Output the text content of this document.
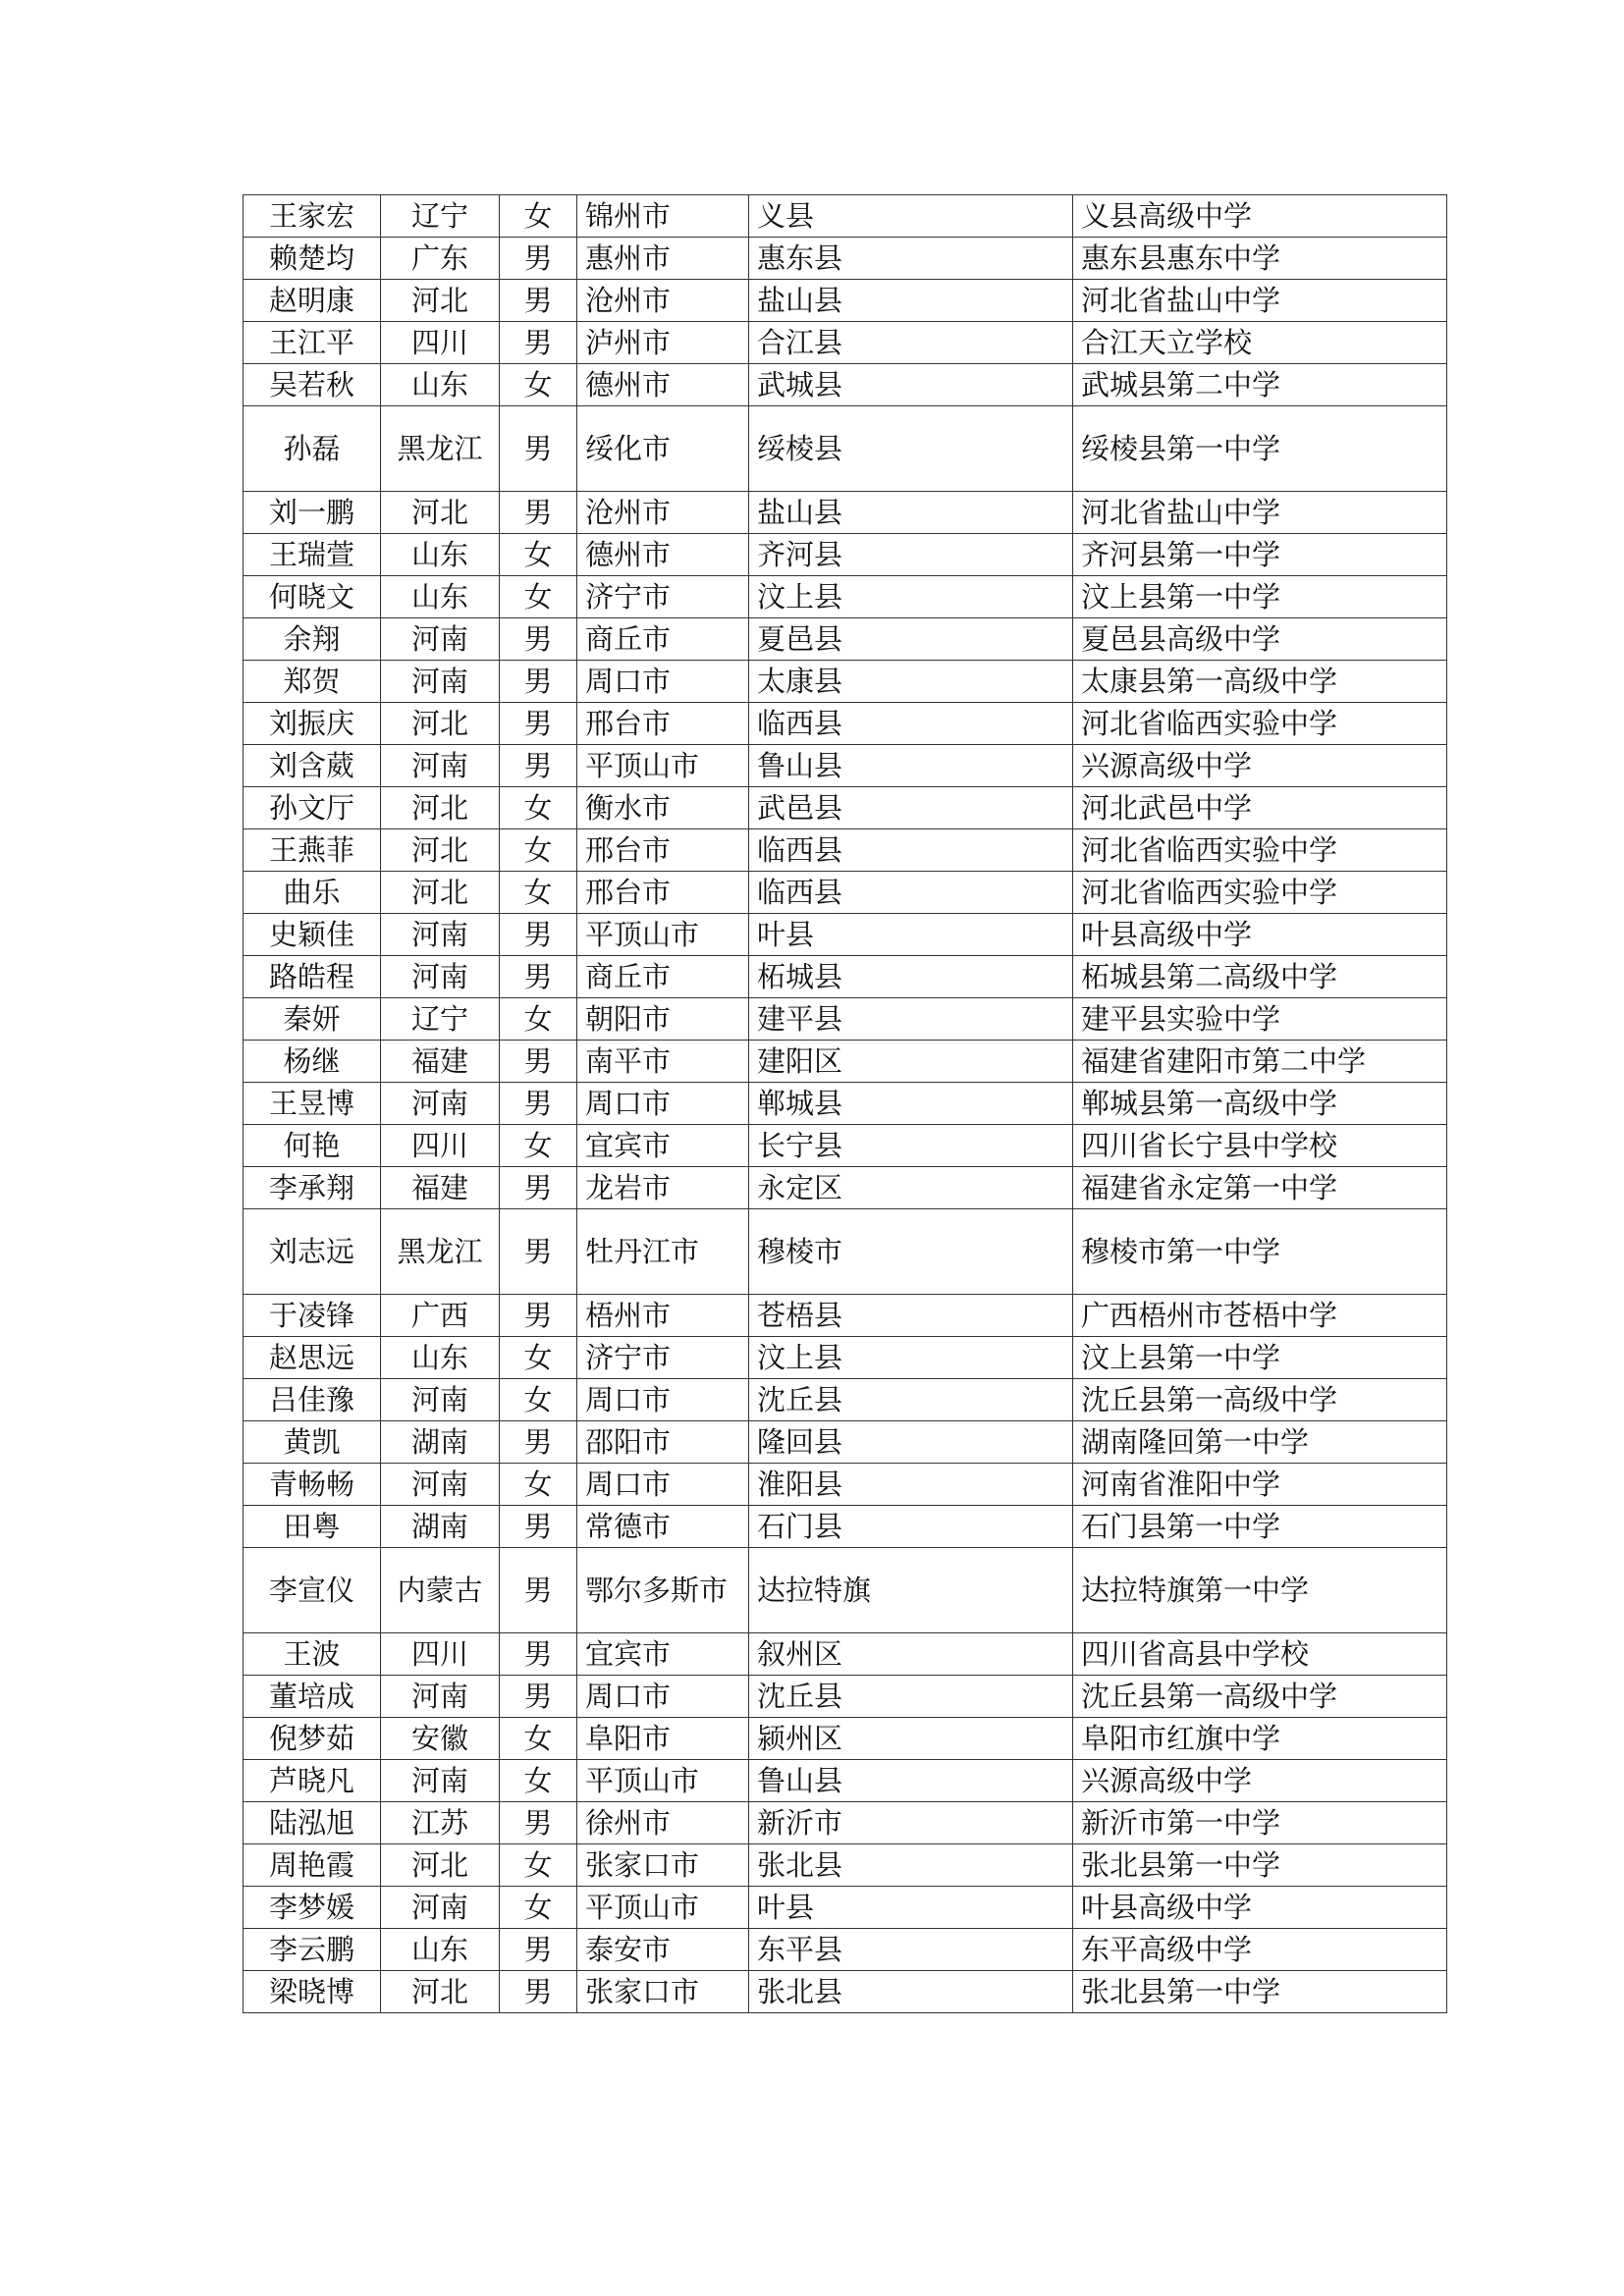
王家宏	辽宁	女	锦州市	义县	义县高级中学
赖楚均	广东	男	惠州市	惠东县	惠东县惠东中学
赵明康	河北	男	沧州市	盐山县	河北省盐山中学
王江平	四川	男	泸州市	合江县	合江天立学校
吴若秋	山东	女	德州市	武城县	武城县第二中学
孙磊	黑龙江	男	绥化市	绥棱县	绥棱县第一中学
刘一鹏	河北	男	沧州市	盐山县	河北省盐山中学
王瑞萱	山东	女	德州市	齐河县	齐河县第一中学
何晓文	山东	女	济宁市	汶上县	汶上县第一中学
余翔	河南	男	商丘市	夏邑县	夏邑县高级中学
郑贺	河南	男	周口市	太康县	太康县第一高级中学
刘振庆	河北	男	邢台市	临西县	河北省临西实验中学
刘含葳	河南	男	平顶山市	鲁山县	兴源高级中学
孙文厅	河北	女	衡水市	武邑县	河北武邑中学
王燕菲	河北	女	邢台市	临西县	河北省临西实验中学
曲乐	河北	女	邢台市	临西县	河北省临西实验中学
史颖佳	河南	男	平顶山市	叶县	叶县高级中学
路皓程	河南	男	商丘市	柘城县	柘城县第二高级中学
秦妍	辽宁	女	朝阳市	建平县	建平县实验中学
杨继	福建	男	南平市	建阳区	福建省建阳市第二中学
王昱博	河南	男	周口市	郸城县	郸城县第一高级中学
何艳	四川	女	宜宾市	长宁县	四川省长宁县中学校
李承翔	福建	男	龙岩市	永定区	福建省永定第一中学
刘志远	黑龙江	男	牡丹江市	穆棱市	穆棱市第一中学
于凌锋	广西	男	梧州市	苍梧县	广西梧州市苍梧中学
赵思远	山东	女	济宁市	汶上县	汶上县第一中学
吕佳豫	河南	女	周口市	沈丘县	沈丘县第一高级中学
黄凯	湖南	男	邵阳市	隆回县	湖南隆回第一中学
青畅畅	河南	女	周口市	淮阳县	河南省淮阳中学
田粤	湖南	男	常德市	石门县	石门县第一中学
李宣仪	内蒙古	男	鄂尔多斯市	达拉特旗	达拉特旗第一中学
王波	四川	男	宜宾市	叙州区	四川省高县中学校
董培成	河南	男	周口市	沈丘县	沈丘县第一高级中学
倪梦茹	安徽	女	阜阳市	颍州区	阜阳市红旗中学
芦晓凡	河南	女	平顶山市	鲁山县	兴源高级中学
陆泓旭	江苏	男	徐州市	新沂市	新沂市第一中学
周艳霞	河北	女	张家口市	张北县	张北县第一中学
李梦媛	河南	女	平顶山市	叶县	叶县高级中学
李云鹏	山东	男	泰安市	东平县	东平高级中学
梁晓博	河北	男	张家口市	张北县	张北县第一中学
